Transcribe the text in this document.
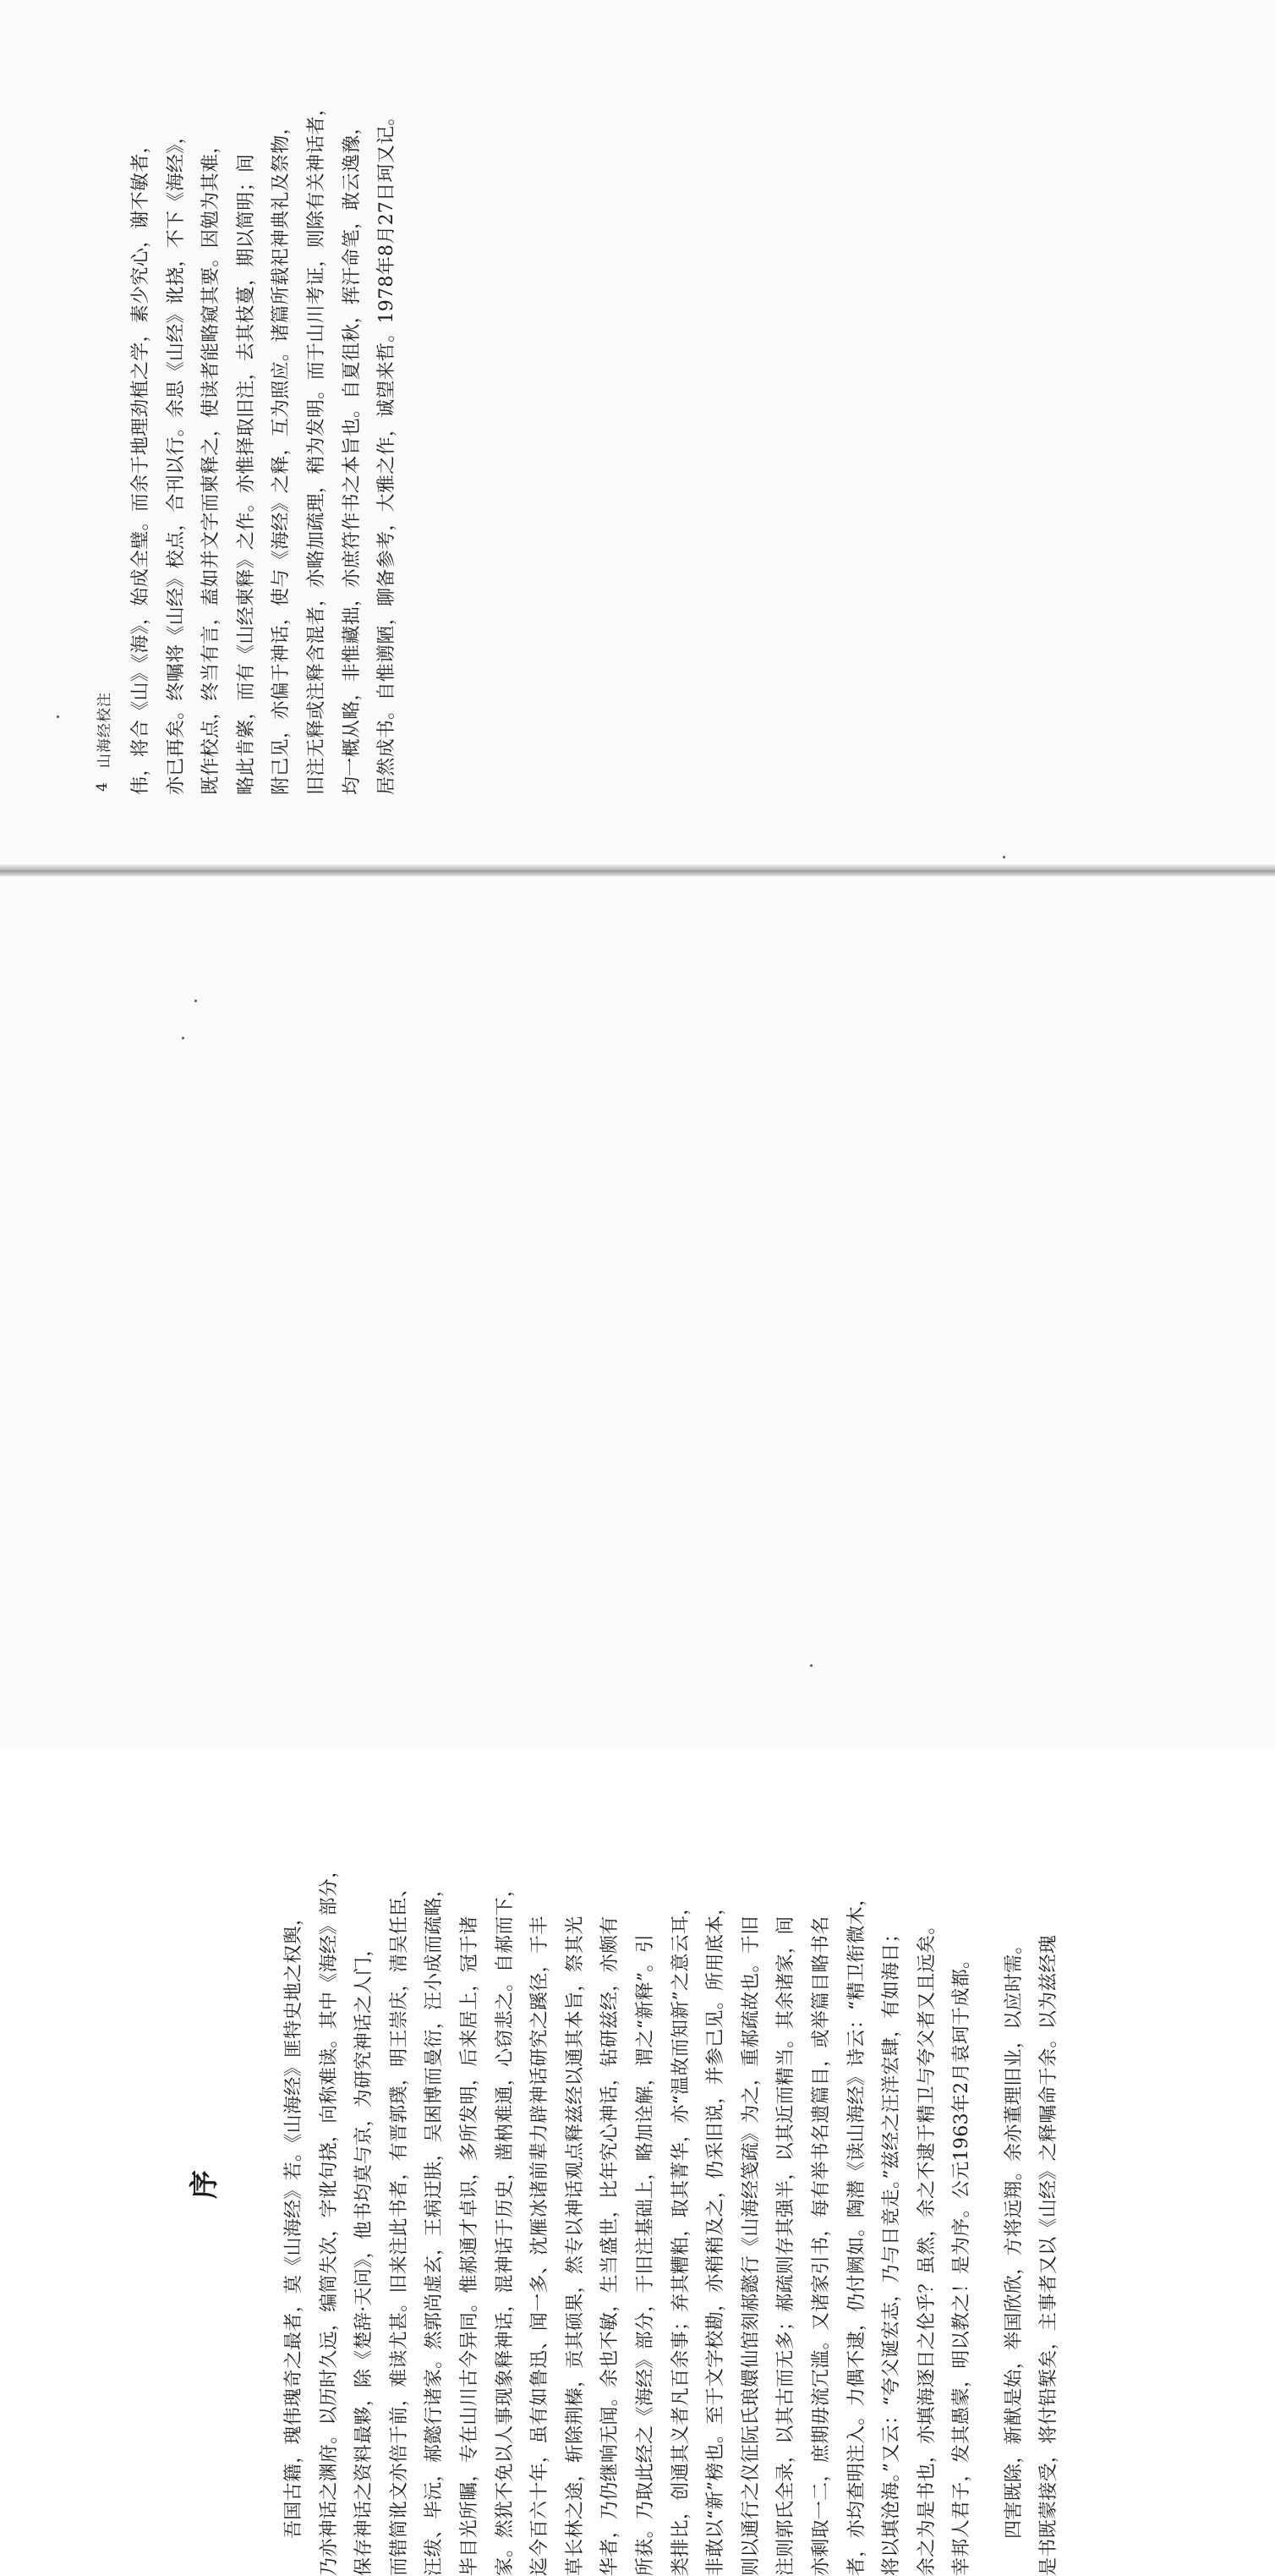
4
山海经校注 伟，将合《山》《海》，始成全璧。而余于地理劲植之学，素少究心，谢不敏者， 亦已再矣。终嘱将《山经》校点，合刊以行。余思《山经》讹挠，不下《海经》， 既作校点，终当有言，盍如并文字而柬释之，使读者能略窥其要。因勉为其难， 略此肯綮，而有《山经柬释》之作。亦惟择取旧注，去其枝蔓，期以简明；间 附己见，亦偏于神话，使与《海经》之释，互为照应。诸篇所载祀神典礼及祭物， 旧注无释或注释含混者，亦略加疏理，稍为发明。而于山川考证，则除有关神话者， 均一概从略，非惟藏拙，亦庶符作书之本旨也。自夏徂秋，挥汗命笔，敢云逸豫， 居然成书。自惟谫陋，聊备参考，大雅之作，诚望来哲。1978年8月27日珂又记。

序	吾国古籍，瑰伟瑰奇之最者，莫《山海经》若。《山海经》匪特史地之权舆， 乃亦神话之渊府。以历时久远，编简失次，字讹句挠，向称难读。其中《海经》部分， 保存神话之资料最夥，除《楚辞·天问》，他书均莫与京，为研究神话之人门， 而错简讹文亦倍于前，难读尤甚。旧来注此书者，有晋郭璞，明王崇庆，清吴任臣、 汪绂、毕沅，郝懿行诸家。然郭尚虚玄，王病迂肤，吴困博而曼衍，汪小成而疏略， 毕目光所瞩，专在山川古今异同。惟郝通才卓识，多所发明，后来居上，冠于诸 家。然犹不免以人事现象释神话，混神话于历史，凿枘难通，心窃悲之。自郝而下， 迄今百六十年，虽有如鲁迅、闻一多、沈雁冰诸前辈力辟神话研究之蹊径，于丰 草长林之途，斩除荆榛，贡其硕果，然专以神话观点释兹经以通其本旨，祭其光 华者，乃仍继响无闻。余也不敏，生当盛世，比年究心神话，钻研兹经，亦颇有 所获。乃取此经之《海经》部分，于旧注基础上，略加诠解，谓之“新释”。引 类排比，创通其义者凡百余事；弃其糟粕，取其菁华，亦“温故而知新”之意云耳， 非敢以“新”榜也。至于文字校勘，亦稍稍及之，仍采旧说，并参己见。所用底本， 则以通行之仪征阮氏琅嬛仙馆刻郝懿行《山海经笺疏》为之，重郝疏故也。于旧 注则郭氏全录，以其古而无多；郝疏则存其强半，以其近而精当。其余诸家，间 亦剩取一二，庶期毋流冗滥。又诸家引书，每有举书名遗篇目，或举篇目略书名 者，亦均查明注入。力偶不逮，仍付阙如。陶潜《读山海经》诗云：“精卫衔微木， 将以填沧海。”又云：“夸父诞宏志，乃与日竞走。”兹经之汪洋宏肆，有如海日； 余之为是书也，亦填海逐日之伦乎？虽然，余之不逮于精卫与夸父者又且远矣。 幸邦人君子，发其愚蒙，明以教之！是为序。公元1963年2月袁珂于成都。	四害既除，新猷是始，举国欣欣，方将远翔。余亦董理旧业，以应时需。 是书既蒙接受，将付铅椠矣，主事者又以《山经》之释嘱命于余。以为兹经瑰
